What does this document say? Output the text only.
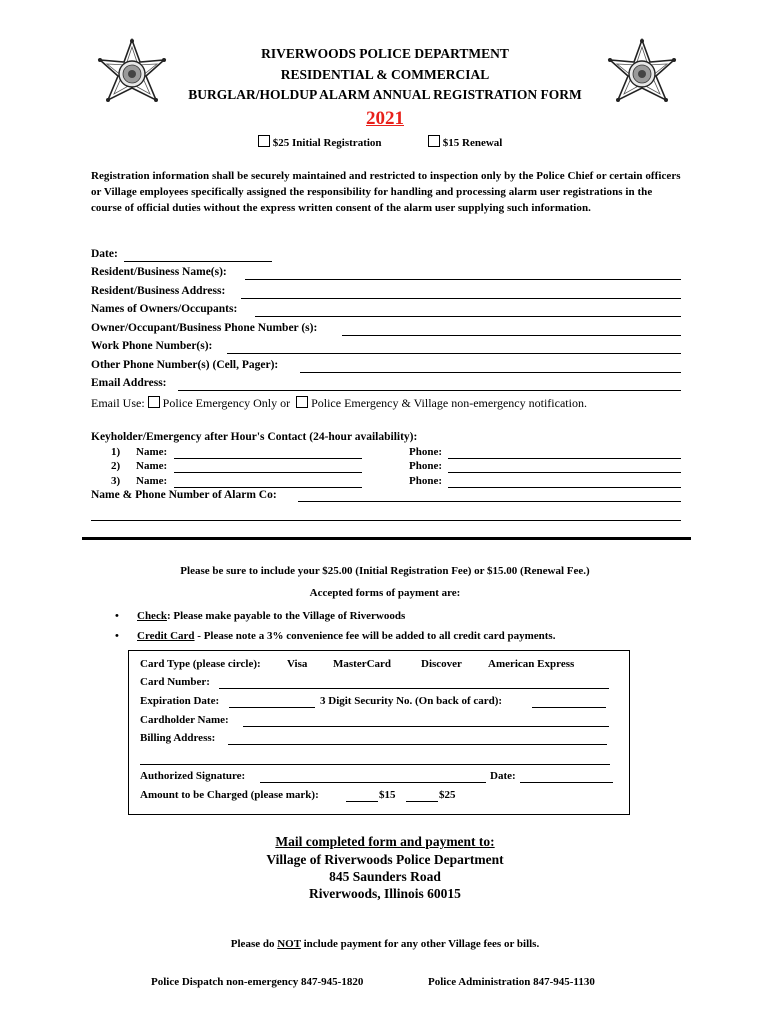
RIVERWOODS POLICE DEPARTMENT
RESIDENTIAL & COMMERCIAL
BURGLAR/HOLDUP ALARM ANNUAL REGISTRATION FORM
2021
$25 Initial Registration	$15 Renewal
Registration information shall be securely maintained and restricted to inspection only by the Police Chief or certain officers or Village employees specifically assigned the responsibility for handling and processing alarm user registrations in the course of official duties without the express written consent of the alarm user supplying such information.
Date:
Resident/Business Name(s):
Resident/Business Address:
Names of Owners/Occupants:
Owner/Occupant/Business Phone Number (s):
Work Phone Number(s):
Other Phone Number(s) (Cell, Pager):
Email Address:
Email Use: Police Emergency Only or Police Emergency & Village non-emergency notification.
Keyholder/Emergency after Hour's Contact (24-hour availability):
1) Name:	Phone:
2) Name:	Phone:
3) Name:	Phone:
Name & Phone Number of Alarm Co:
Please be sure to include your $25.00 (Initial Registration Fee) or $15.00 (Renewal Fee.)
Accepted forms of payment are:
• Check: Please make payable to the Village of Riverwoods
• Credit Card - Please note a 3% convenience fee will be added to all credit card payments.
Card Type (please circle): Visa MasterCard	Discover American Express
Card Number:
Expiration Date:	3 Digit Security No. (On back of card):
Cardholder Name:
Billing Address:
Authorized Signature:	Date:
Amount to be Charged (please mark):	$15	$25
Mail completed form and payment to:
Village of Riverwoods Police Department
845 Saunders Road
Riverwoods, Illinois 60015
Please do NOT include payment for any other Village fees or bills.
Police Dispatch non-emergency 847-945-1820	Police Administration 847-945-1130
